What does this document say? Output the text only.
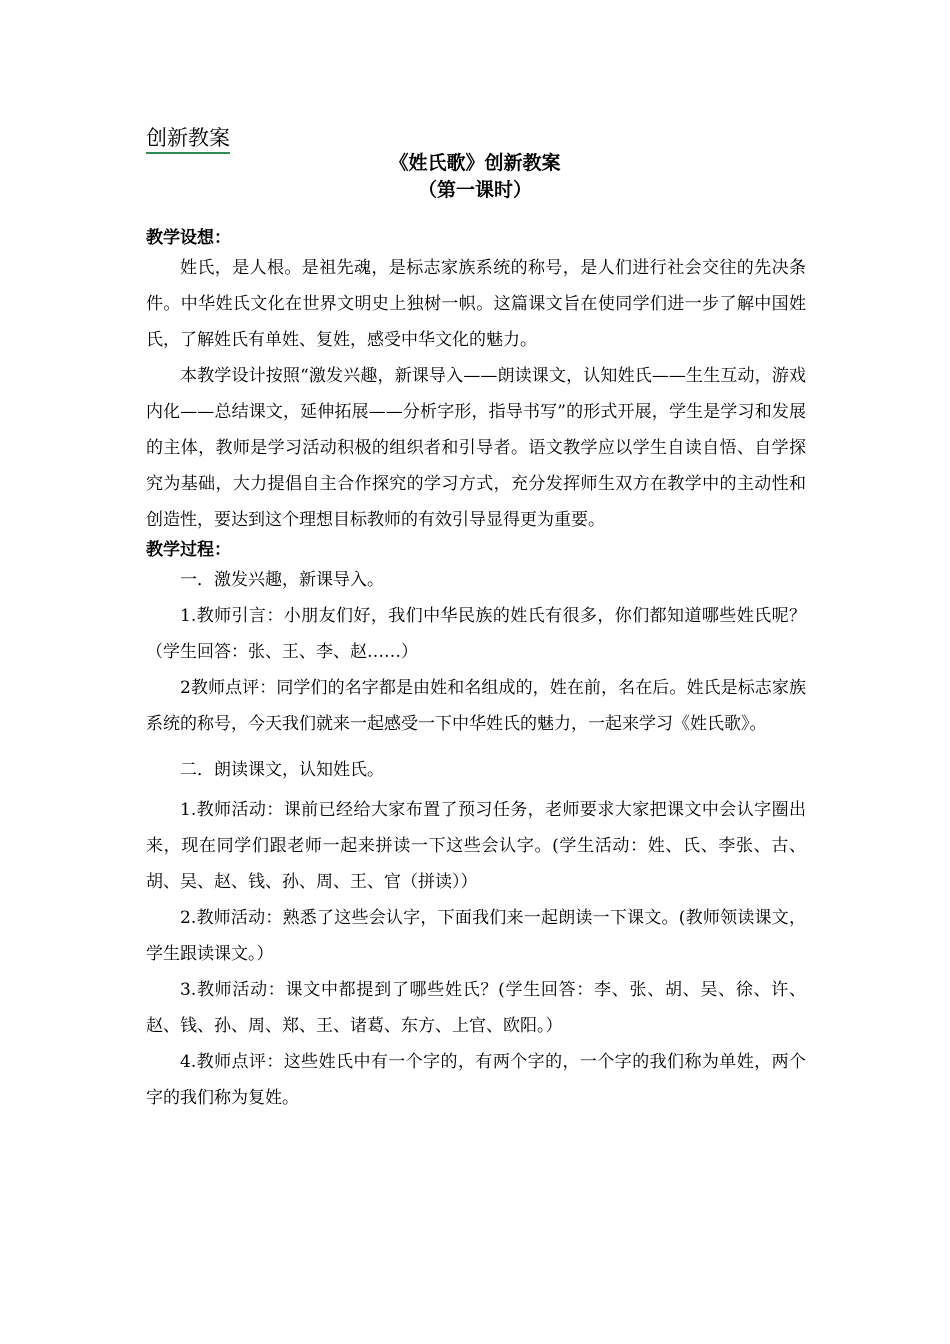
创新教案
《姓氏歌》创新教案
（第一课时）

教学设想：

姓氏，是人根。是祖先魂，是标志家族系统的称号，是人们进行社会交往的先决条件。中华姓氏文化在世界文明史上独树一帜。这篇课文旨在使同学们进一步了解中国姓氏，了解姓氏有单姓、复姓，感受中华文化的魅力。

本教学设计按照“激发兴趣，新课导入——朗读课文，认知姓氏——生生互动，游戏内化——总结课文，延伸拓展——分析字形，指导书写”的形式开展，学生是学习和发展的主体，教师是学习活动积极的组织者和引导者。语文教学应以学生自读自悟、自学探究为基础，大力提倡自主合作探究的学习方式，充分发挥师生双方在教学中的主动性和创造性，要达到这个理想目标教师的有效引导显得更为重要。

教学过程：

一．激发兴趣，新课导入。

1.教师引言：小朋友们好，我们中华民族的姓氏有很多，你们都知道哪些姓氏呢？（学生回答：张、王、李、赵……）

2教师点评：同学们的名字都是由姓和名组成的，姓在前，名在后。姓氏是标志家族系统的称号，今天我们就来一起感受一下中华姓氏的魅力，一起来学习《姓氏歌》。

二．朗读课文，认知姓氏。

1.教师活动：课前已经给大家布置了预习任务，老师要求大家把课文中会认字圈出来，现在同学们跟老师一起来拼读一下这些会认字。(学生活动：姓、氏、李张、古、胡、吴、赵、钱、孙、周、王、官（拼读））

2.教师活动：熟悉了这些会认字，下面我们来一起朗读一下课文。(教师领读课文，学生跟读课文。）

3.教师活动：课文中都提到了哪些姓氏？(学生回答：李、张、胡、吴、徐、许、赵、钱、孙、周、郑、王、诸葛、东方、上官、欧阳。）

4.教师点评：这些姓氏中有一个字的，有两个字的，一个字的我们称为单姓，两个字的我们称为复姓。
